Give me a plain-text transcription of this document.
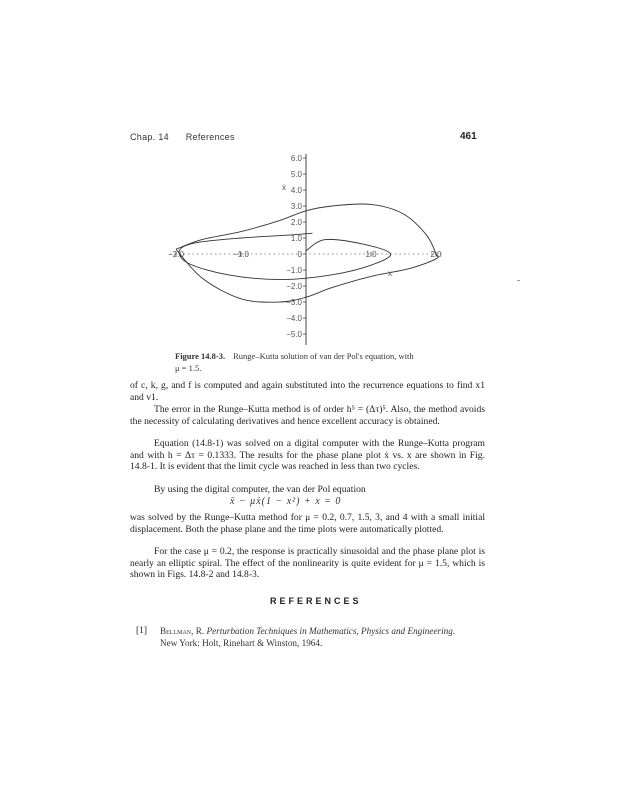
Chap. 14 References	461
6.0
5.0
4.0
3.0
2.0
1.0
0
−1.0
−2.0
−3.0
−4.0
−5.0
−2.0	−1.0	1.0	2.0
ẋ
x
Figure 14.8-3. Runge–Kutta solution of van der Pol's equation, with
μ = 1.5.
of c, k, g, and f is computed and again substituted into the recurrence equations to find x1 and v1.
The error in the Runge–Kutta method is of order h⁵ = (Δτ)⁵. Also, the method avoids the necessity of calculating derivatives and hence excellent accuracy is obtained.
Equation (14.8-1) was solved on a digital computer with the Runge–Kutta program and with h = Δτ = 0.1333. The results for the phase plane plot ẋ vs. x are shown in Fig. 14.8-1. It is evident that the limit cycle was reached in less than two cycles.
By using the digital computer, the van der Pol equation
ẍ − μẋ(1 − x²) + x = 0
was solved by the Runge–Kutta method for μ = 0.2, 0.7, 1.5, 3, and 4 with a small initial displacement. Both the phase plane and the time plots were automatically plotted.
For the case μ = 0.2, the response is practically sinusoidal and the phase plane plot is nearly an elliptic spiral. The effect of the nonlinearity is quite evident for μ = 1.5, which is shown in Figs. 14.8-2 and 14.8-3.
REFERENCES
[1] Bellman, R. Perturbation Techniques in Mathematics, Physics and Engineering.
New York: Holt, Rinehart & Winston, 1964.
